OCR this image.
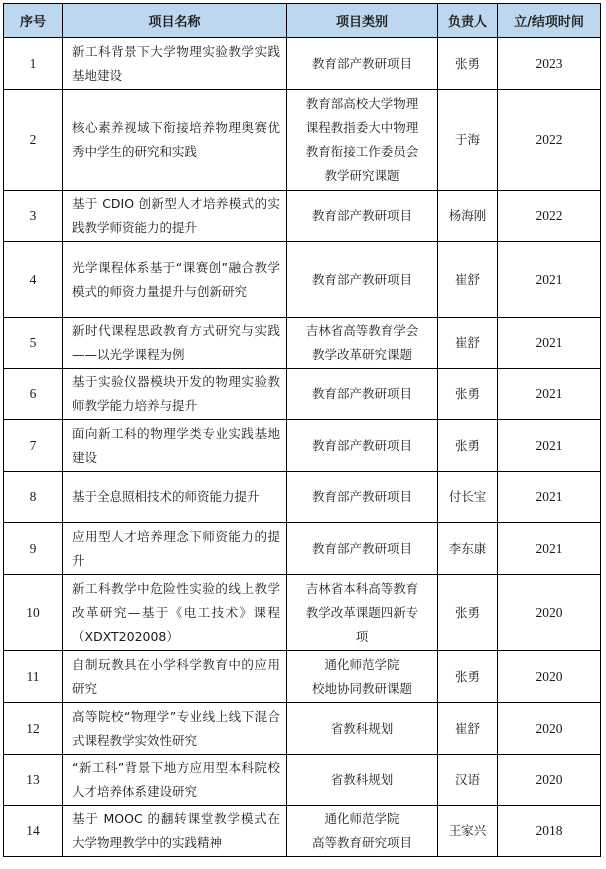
序号	项目名称	项目类别	负责人	立/结项时间
1	新工科背景下大学物理实验教学实践基地建设	教育部产教研项目	张勇	2023
2	核心素养视域下衔接培养物理奥赛优秀中学生的研究和实践	教育部高校大学物理
课程教指委大中物理
教育衔接工作委员会
教学研究课题	于海	2022
3	基于 CDIO 创新型人才培养模式的实践教学师资能力的提升	教育部产教研项目	杨海刚	2022
4	光学课程体系基于“课赛创”融合教学模式的师资力量提升与创新研究	教育部产教研项目	崔舒	2021
5	新时代课程思政教育方式研究与实践——以光学课程为例	吉林省高等教育学会
教学改革研究课题	崔舒	2021
6	基于实验仪器模块开发的物理实验教师教学能力培养与提升	教育部产教研项目	张勇	2021
7	面向新工科的物理学类专业实践基地建设	教育部产教研项目	张勇	2021
8	基于全息照相技术的师资能力提升	教育部产教研项目	付长宝	2021
9	应用型人才培养理念下师资能力的提升	教育部产教研项目	李东康	2021
10	新工科教学中危险性实验的线上教学改革研究—基于《电工技术》课程（XDXT202008）	吉林省本科高等教育
教学改革课题四新专
项	张勇	2020
11	自制玩教具在小学科学教育中的应用研究	通化师范学院
校地协同教研课题	张勇	2020
12	高等院校“物理学”专业线上线下混合式课程教学实效性研究	省教科规划	崔舒	2020
13	“新工科”背景下地方应用型本科院校人才培养体系建设研究	省教科规划	汉语	2020
14	基于 MOOC 的翻转课堂教学模式在大学物理教学中的实践精神	通化师范学院
高等教育研究项目	王家兴	2018
